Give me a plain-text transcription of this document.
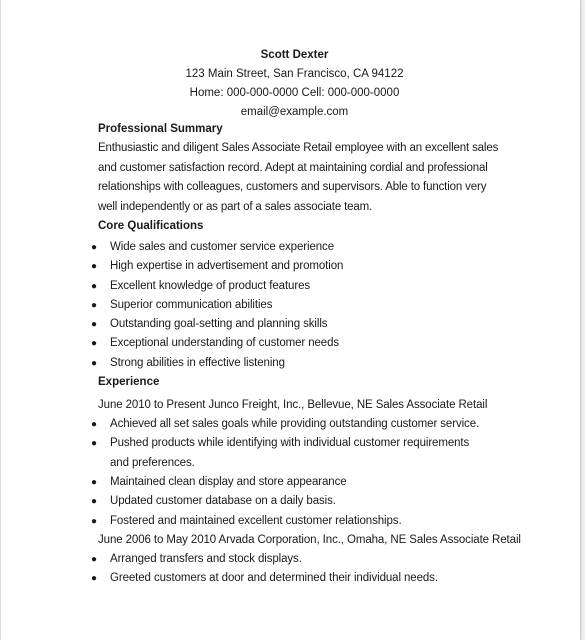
Scott Dexter
123 Main Street, San Francisco, CA 94122
Home: 000-000-0000 Cell: 000-000-0000
email@example.com
Professional Summary
Enthusiastic and diligent Sales Associate Retail employee with an excellent sales and customer satisfaction record. Adept at maintaining cordial and professional relationships with colleagues, customers and supervisors. Able to function very well independently or as part of a sales associate team.
Core Qualifications
● Wide sales and customer service experience
● High expertise in advertisement and promotion
● Excellent knowledge of product features
● Superior communication abilities
● Outstanding goal-setting and planning skills
● Exceptional understanding of customer needs
● Strong abilities in effective listening
Experience
June 2010 to Present Junco Freight, Inc., Bellevue, NE Sales Associate Retail
● Achieved all set sales goals while providing outstanding customer service.
● Pushed products while identifying with individual customer requirements and preferences.
● Maintained clean display and store appearance
● Updated customer database on a daily basis.
● Fostered and maintained excellent customer relationships.
June 2006 to May 2010 Arvada Corporation, Inc., Omaha, NE Sales Associate Retail
● Arranged transfers and stock displays.
● Greeted customers at door and determined their individual needs.
